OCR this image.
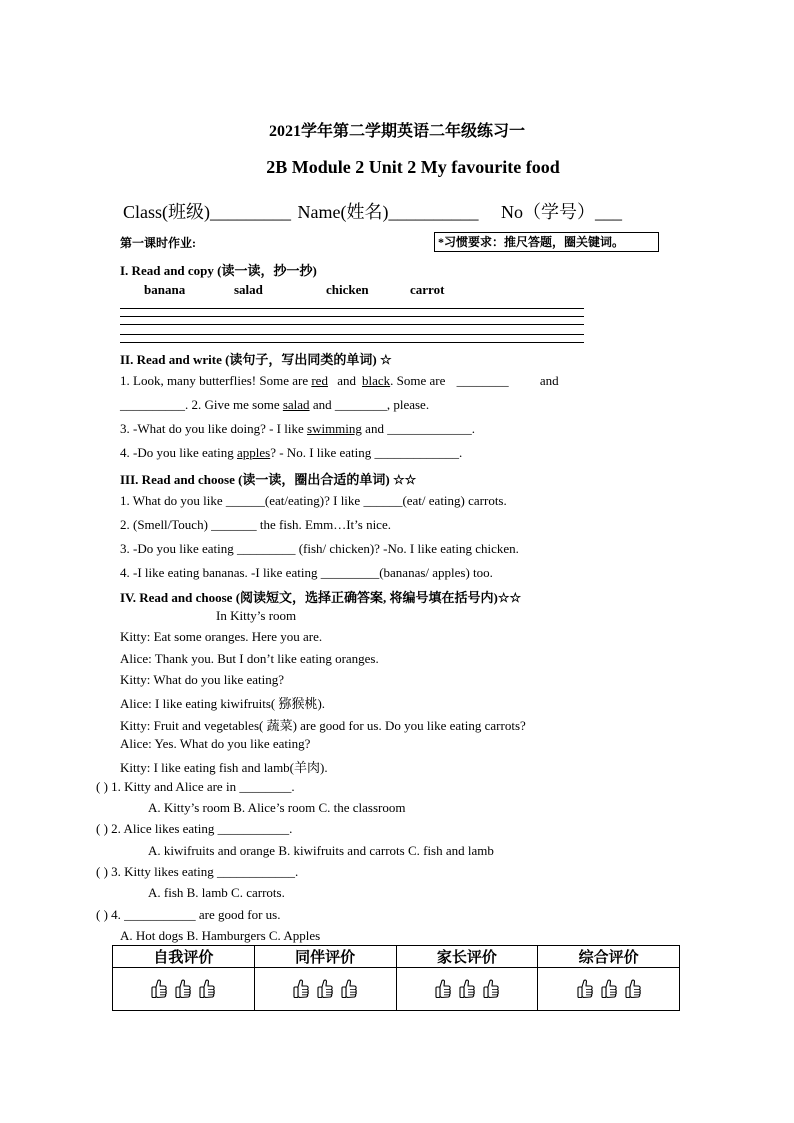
2021学年第二学期英语二年级练习一
2B Module 2 Unit 2 My favourite food
Class(班级)_________ Name(姓名)__________ No（学号）___
第一课时作业:	*习惯要求：推尺答题，圈关键词。
I. Read and copy (读一读，抄一抄)
banana	salad	chicken	carrot
II. Read and write (读句子，写出同类的单词) ☆
1. Look, many butterflies! Some are red and black. Some are ________ and
__________. 2. Give me some salad and ________, please.
3. -What do you like doing? - I like swimming and _____________.
4. -Do you like eating apples? - No. I like eating _____________.
III. Read and choose (读一读，圈出合适的单词) ☆☆
1. What do you like ______(eat/eating)? I like ______(eat/ eating) carrots.
2. (Smell/Touch) _______ the fish. Emm…It’s nice.
3. -Do you like eating _________ (fish/ chicken)? -No. I like eating chicken.
4. -I like eating bananas. -I like eating _________(bananas/ apples) too.
IV. Read and choose (阅读短文，选择正确答案, 将编号填在括号内)☆☆
In Kitty’s room
Kitty: Eat some oranges. Here you are.
Alice: Thank you. But I don’t like eating oranges.
Kitty: What do you like eating?
Alice: I like eating kiwifruits( 猕猴桃).
Kitty: Fruit and vegetables( 蔬菜) are good for us. Do you like eating carrots?
Alice: Yes. What do you like eating?
Kitty: I like eating fish and lamb(羊肉).
( ) 1. Kitty and Alice are in ________.
A. Kitty’s room B. Alice’s room C. the classroom
( ) 2. Alice likes eating ___________.
A. kiwifruits and orange B. kiwifruits and carrots C. fish and lamb
( ) 3. Kitty likes eating ____________.
A. fish B. lamb C. carrots.
( ) 4. ___________ are good for us.
A. Hot dogs B. Hamburgers C. Apples
自我评价	同伴评价	家长评价	综合评价
